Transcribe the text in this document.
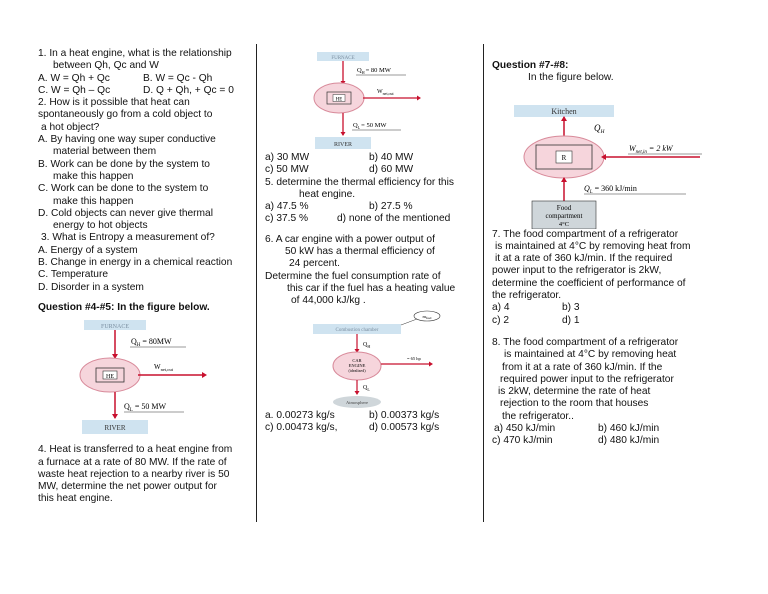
1. In a heat engine, what is the relationship
between Qh, Qc and W
A. W = Qh + Qc	B. W = Qc - Qh
C. W = Qh – Qc	D. Q + Qh, + Qc = 0
2. How is it possible that heat can
spontaneously go from a cold object to
a hot object?
A. By having one way super conductive
material between them
B. Work can be done by the system to
make this happen
C. Work can be done to the system to
make this happen
D. Cold objects can never give thermal
energy to hot objects
3. What is Entropy a measurement of?
A. Energy of a system
B. Change in energy in a chemical reaction
C. Temperature
D. Disorder in a system
Question #4-#5: In the figure below.
FURNACE
$Q_H = 80MW$
HE
$W_{net,out}$
$Q_L = 50$ MW
RIVER
4. Heat is transferred to a heat engine from
a furnace at a rate of 80 MW. If the rate of
waste heat rejection to a nearby river is 50
MW, determine the net power output for
this heat engine.
FURNACE
$Q_H= 80$ MW
HE
$W_{net,out}$
$Q_L= 50$ MW
RIVER
a) 30 MW	b) 40 MW
c) 50 MW	d) 60 MW
5. determine the thermal efficiency for this
heat engine.
a) 47.5 %	b) 27.5 %
c) 37.5 %	d) none of the mentioned
6. A car engine with a power output of
50 kW has a thermal efficiency of
24 percent.
Determine the fuel consumption rate of
this car if the fuel has a heating value
of 44,000 kJ/kg .
$m_{fuel}$
Combustion chamber
$Q_H$
CAR
ENGINE
(idealized)
= 65 hp
$Q_L$
Atmosphere
a. 0.00273 kg/s	b) 0.00373 kg/s
c) 0.00473 kg/s,	d) 0.00573 kg/s
Question #7-#8:
In the figure below.
Kitchen
$Q_H$
R
$W_{net,in} = 2$ kW
$Q_L = 360$ kJ/min
Food
compartment
4°C
7. The food compartment of a refrigerator
is maintained at 4°C by removing heat from
it at a rate of 360 kJ/min. If the required
power input to the refrigerator is 2kW,
determine the coefficient of performance of
the refrigerator.
a) 4	b) 3
c) 2	d) 1
8. The food compartment of a refrigerator
is maintained at 4°C by removing heat
from it at a rate of 360 kJ/min. If the
required power input to the refrigerator
is 2kW, determine the rate of heat
rejection to the room that houses
the refrigerator..
a) 450 kJ/min	b) 460 kJ/min
c) 470 kJ/min	d) 480 kJ/min
